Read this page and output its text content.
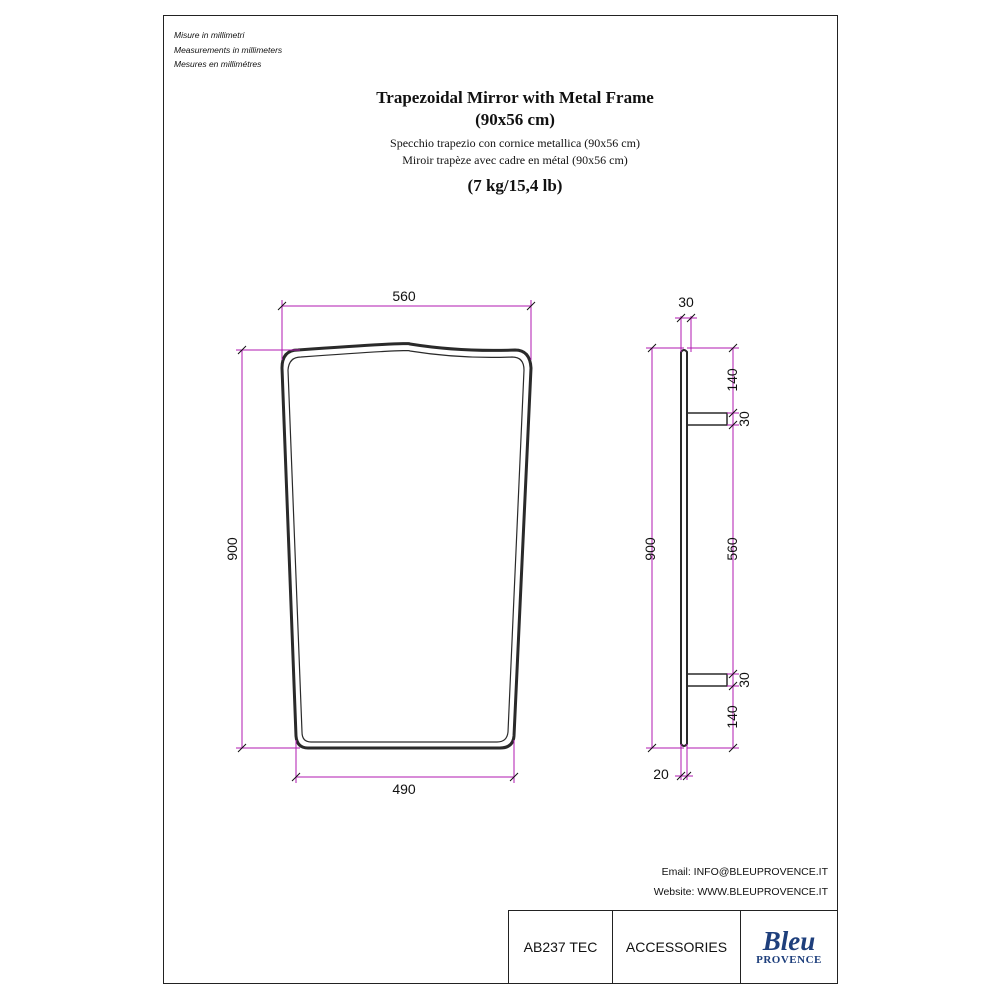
Misure in millimetri
Measurements in millimeters
Mesures en millimétres
Trapezoidal Mirror with Metal Frame
(90x56 cm)
Specchio trapezio con cornice metallica (90x56 cm)
Miroir trapèze avec cadre en métal (90x56 cm)
(7 kg/15,4 lb)
560
490
900
30
20
900
140
30
560
30
140
Email: INFO@BLEUPROVENCE.IT
Website: WWW.BLEUPROVENCE.IT
AB237 TEC ACCESSORIES Bleu
PROVENCE
